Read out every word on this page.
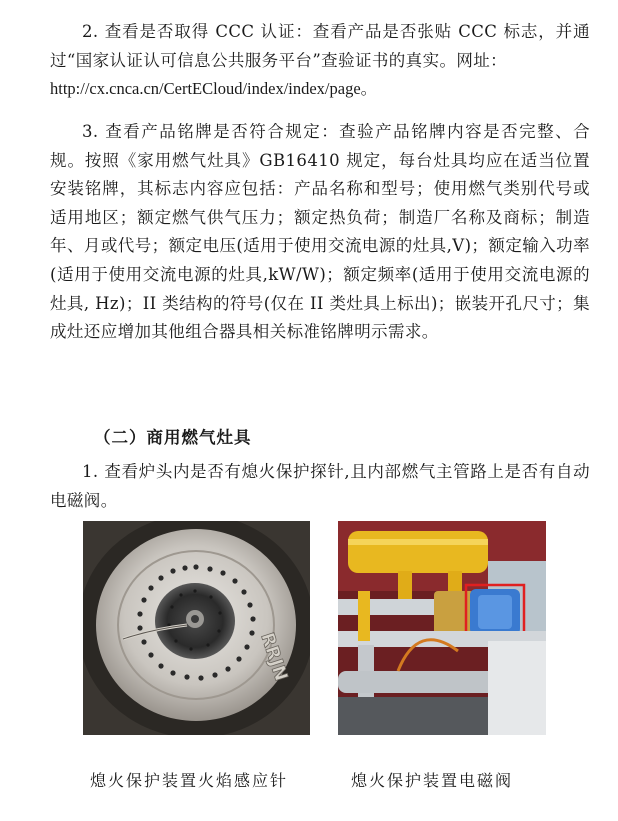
2. 查看是否取得 CCC 认证：查看产品是否张贴 CCC 标志，并通过“国家认证认可信息公共服务平台”查验证书的真实。网址：
http://cx.cnca.cn/CertECloud/index/index/page。

3. 查看产品铭牌是否符合规定：查验产品铭牌内容是否完整、合规。按照《家用燃气灶具》GB16410 规定，每台灶具均应在适当位置安装铭牌，其标志内容应包括：产品名称和型号；使用燃气类别代号或适用地区；额定燃气供气压力；额定热负荷；制造厂名称及商标；制造年、月或代号；额定电压(适用于使用交流电源的灶具,V)；额定输入功率(适用于使用交流电源的灶具,kW/W)；额定频率(适用于使用交流电源的灶具, Hz)；II 类结构的符号(仅在 II 类灶具上标出)；嵌装开孔尺寸；集成灶还应增加其他组合器具相关标准铭牌明示需求。

（二）商用燃气灶具

1. 查看炉头内是否有熄火保护探针,且内部燃气主管路上是否有自动电磁阀。

RRJN
熄火保护装置火焰感应针	熄火保护装置电磁阀
